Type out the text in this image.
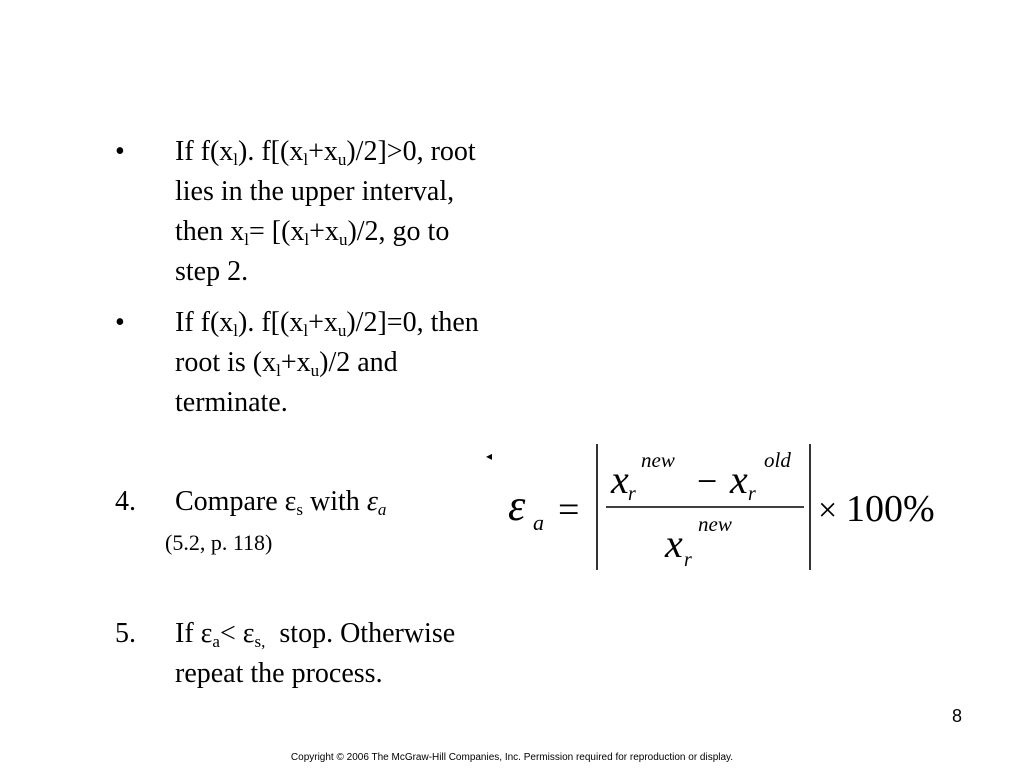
• If $f(x_l)$. $f[(x_l+x_u)/2]>0$, root
lies in the upper interval,
then $x_l= [(x_l+x_u)/2$, go to
step 2.
• If $f(x_l)$. $f[(x_l+x_u)/2]=0$, then
root is $(x_l+x_u)/2$ and
terminate.
4. Compare $\varepsilon_s$ with $\varepsilon_a$
(5.2, p. 118)
5. If $\varepsilon_a< \varepsilon_{s,}$  stop. Otherwise
repeat the process.
◂
ε a =
x r
new
− x r
old
x r
new	× 100%
8
Copyright © 2006 The McGraw-Hill Companies, Inc. Permission required for reproduction or display.
